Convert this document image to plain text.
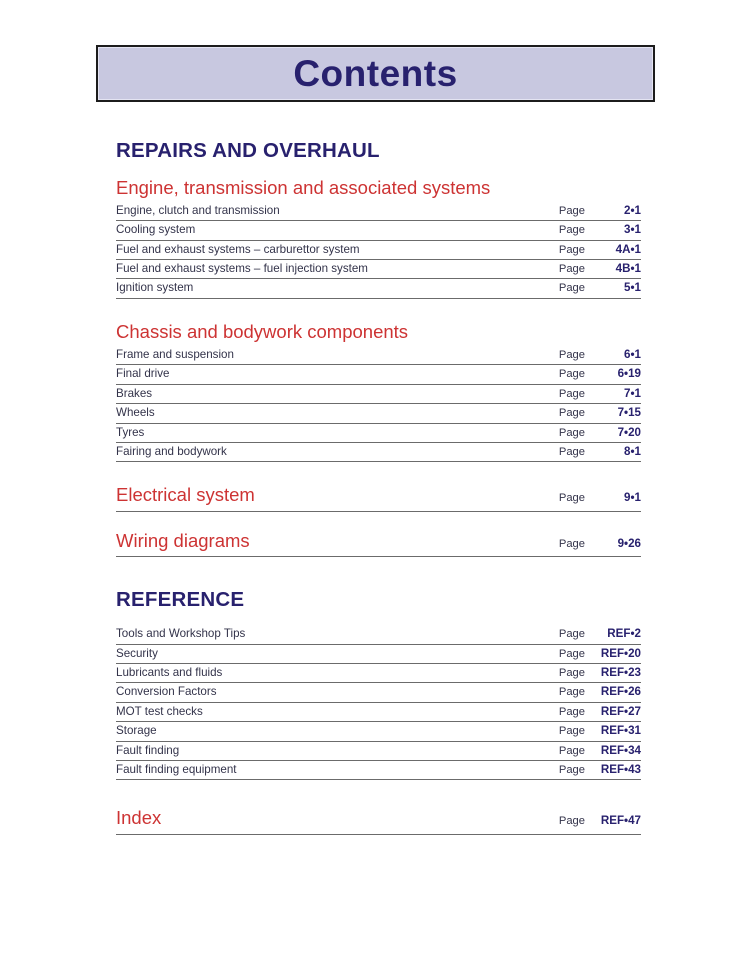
Contents
REPAIRS AND OVERHAUL
Engine, transmission and associated systems
Engine, clutch and transmission	Page	2•1
Cooling system	Page	3•1
Fuel and exhaust systems – carburettor system	Page	4A•1
Fuel and exhaust systems – fuel injection system	Page	4B•1
Ignition system	Page	5•1
Chassis and bodywork components
Frame and suspension	Page	6•1
Final drive	Page	6•19
Brakes	Page	7•1
Wheels	Page	7•15
Tyres	Page	7•20
Fairing and bodywork	Page	8•1
Electrical system	Page	9•1
Wiring diagrams	Page	9•26
REFERENCE
Tools and Workshop Tips	Page	REF•2
Security	Page	REF•20
Lubricants and fluids	Page	REF•23
Conversion Factors	Page	REF•26
MOT test checks	Page	REF•27
Storage	Page	REF•31
Fault finding	Page	REF•34
Fault finding equipment	Page	REF•43
Index	Page	REF•47
